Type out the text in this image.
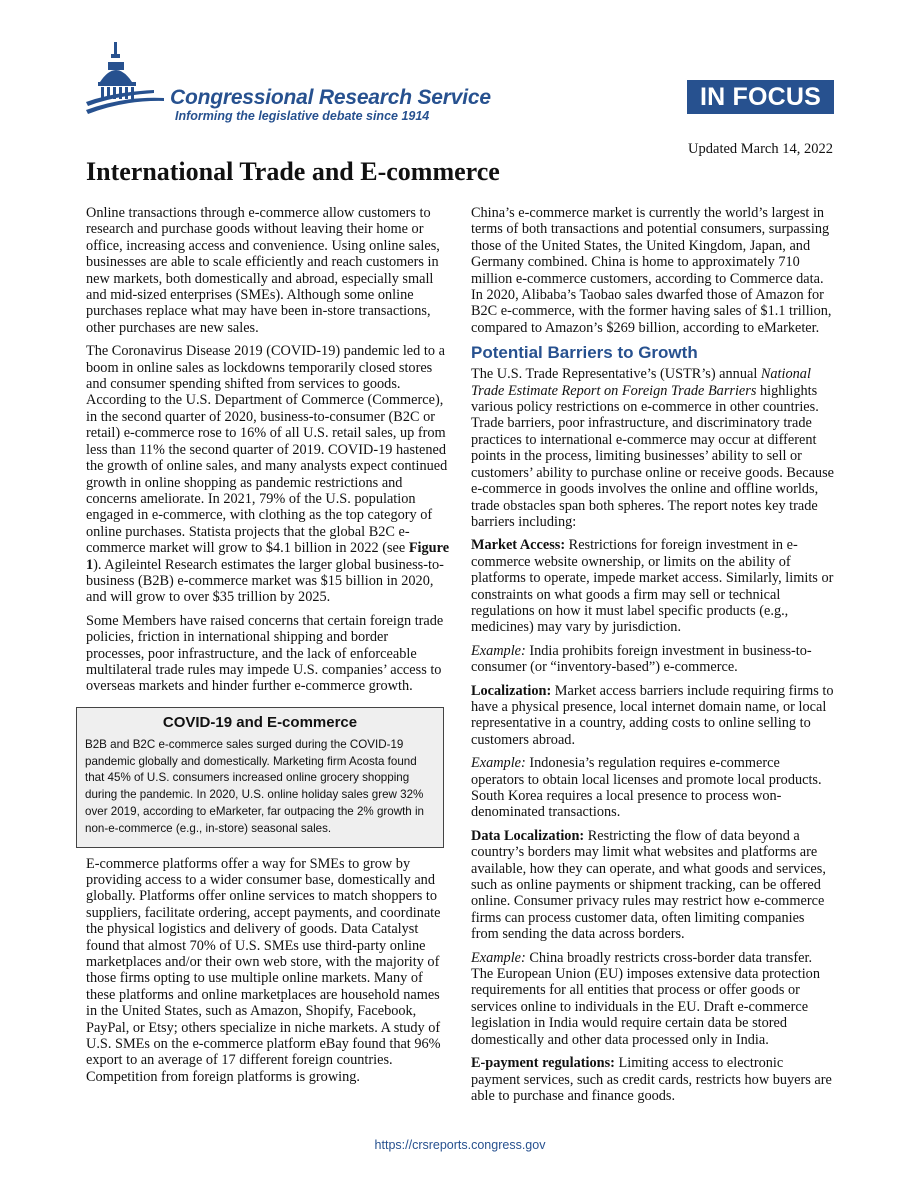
Congressional Research Service
Informing the legislative debate since 1914
IN FOCUS
Updated March 14, 2022
International Trade and E-commerce

Online transactions through e-commerce allow customers to research and purchase goods without leaving their home or office, increasing access and convenience. Using online sales, businesses are able to scale efficiently and reach customers in new markets, both domestically and abroad, especially small and mid-sized enterprises (SMEs). Although some online purchases replace what may have been in-store transactions, other purchases are new sales.

The Coronavirus Disease 2019 (COVID-19) pandemic led to a boom in online sales as lockdowns temporarily closed stores and consumer spending shifted from services to goods. According to the U.S. Department of Commerce (Commerce), in the second quarter of 2020, business-to-consumer (B2C or retail) e-commerce rose to 16% of all U.S. retail sales, up from less than 11% the second quarter of 2019. COVID-19 hastened the growth of online sales, and many analysts expect continued growth in online shopping as pandemic restrictions and concerns ameliorate. In 2021, 79% of the U.S. population engaged in e-commerce, with clothing as the top category of online purchases. Statista projects that the global B2C e-commerce market will grow to $4.1 billion in 2022 (see Figure 1). Agileintel Research estimates the larger global business-to-business (B2B) e-commerce market was $15 billion in 2020, and will grow to over $35 trillion by 2025.

Some Members have raised concerns that certain foreign trade policies, friction in international shipping and border processes, poor infrastructure, and the lack of enforceable multilateral trade rules may impede U.S. companies’ access to overseas markets and hinder further e-commerce growth.

COVID-19 and E-commerce

B2B and B2C e-commerce sales surged during the COVID-19 pandemic globally and domestically. Marketing firm Acosta found that 45% of U.S. consumers increased online grocery shopping during the pandemic. In 2020, U.S. online holiday sales grew 32% over 2019, according to eMarketer, far outpacing the 2% growth in non-e-commerce (e.g., in-store) seasonal sales.

E-commerce platforms offer a way for SMEs to grow by providing access to a wider consumer base, domestically and globally. Platforms offer online services to match shoppers to suppliers, facilitate ordering, accept payments, and coordinate the physical logistics and delivery of goods. Data Catalyst found that almost 70% of U.S. SMEs use third-party online marketplaces and/or their own web store, with the majority of those firms opting to use multiple online markets. Many of these platforms and online marketplaces are household names in the United States, such as Amazon, Shopify, Facebook, PayPal, or Etsy; others specialize in niche markets. A study of U.S. SMEs on the e-commerce platform eBay found that 96% export to an average of 17 different foreign countries. Competition from foreign platforms is growing.

China’s e-commerce market is currently the world’s largest in terms of both transactions and potential consumers, surpassing those of the United States, the United Kingdom, Japan, and Germany combined. China is home to approximately 710 million e-commerce customers, according to Commerce data. In 2020, Alibaba’s Taobao sales dwarfed those of Amazon for B2C e-commerce, with the former having sales of $1.1 trillion, compared to Amazon’s $269 billion, according to eMarketer.

Potential Barriers to Growth

The U.S. Trade Representative’s (USTR’s) annual National Trade Estimate Report on Foreign Trade Barriers highlights various policy restrictions on e-commerce in other countries. Trade barriers, poor infrastructure, and discriminatory trade practices to international e-commerce may occur at different points in the process, limiting businesses’ ability to sell or customers’ ability to purchase online or receive goods. Because e-commerce in goods involves the online and offline worlds, trade obstacles span both spheres. The report notes key trade barriers including:

Market Access: Restrictions for foreign investment in e-commerce website ownership, or limits on the ability of platforms to operate, impede market access. Similarly, limits or constraints on what goods a firm may sell or technical regulations on how it must label specific products (e.g., medicines) may vary by jurisdiction.

Example: India prohibits foreign investment in business-to-consumer (or “inventory-based”) e-commerce.

Localization: Market access barriers include requiring firms to have a physical presence, local internet domain name, or local representative in a country, adding costs to online selling to customers abroad.

Example: Indonesia’s regulation requires e-commerce operators to obtain local licenses and promote local products. South Korea requires a local presence to process won-denominated transactions.

Data Localization: Restricting the flow of data beyond a country’s borders may limit what websites and platforms are available, how they can operate, and what goods and services, such as online payments or shipment tracking, can be offered online. Consumer privacy rules may restrict how e-commerce firms can process customer data, often limiting companies from sending the data across borders.

Example: China broadly restricts cross-border data transfer. The European Union (EU) imposes extensive data protection requirements for all entities that process or offer goods or services online to individuals in the EU. Draft e-commerce legislation in India would require certain data be stored domestically and other data processed only in India.

E-payment regulations: Limiting access to electronic payment services, such as credit cards, restricts how buyers are able to purchase and finance goods.

https://crsreports.congress.gov
